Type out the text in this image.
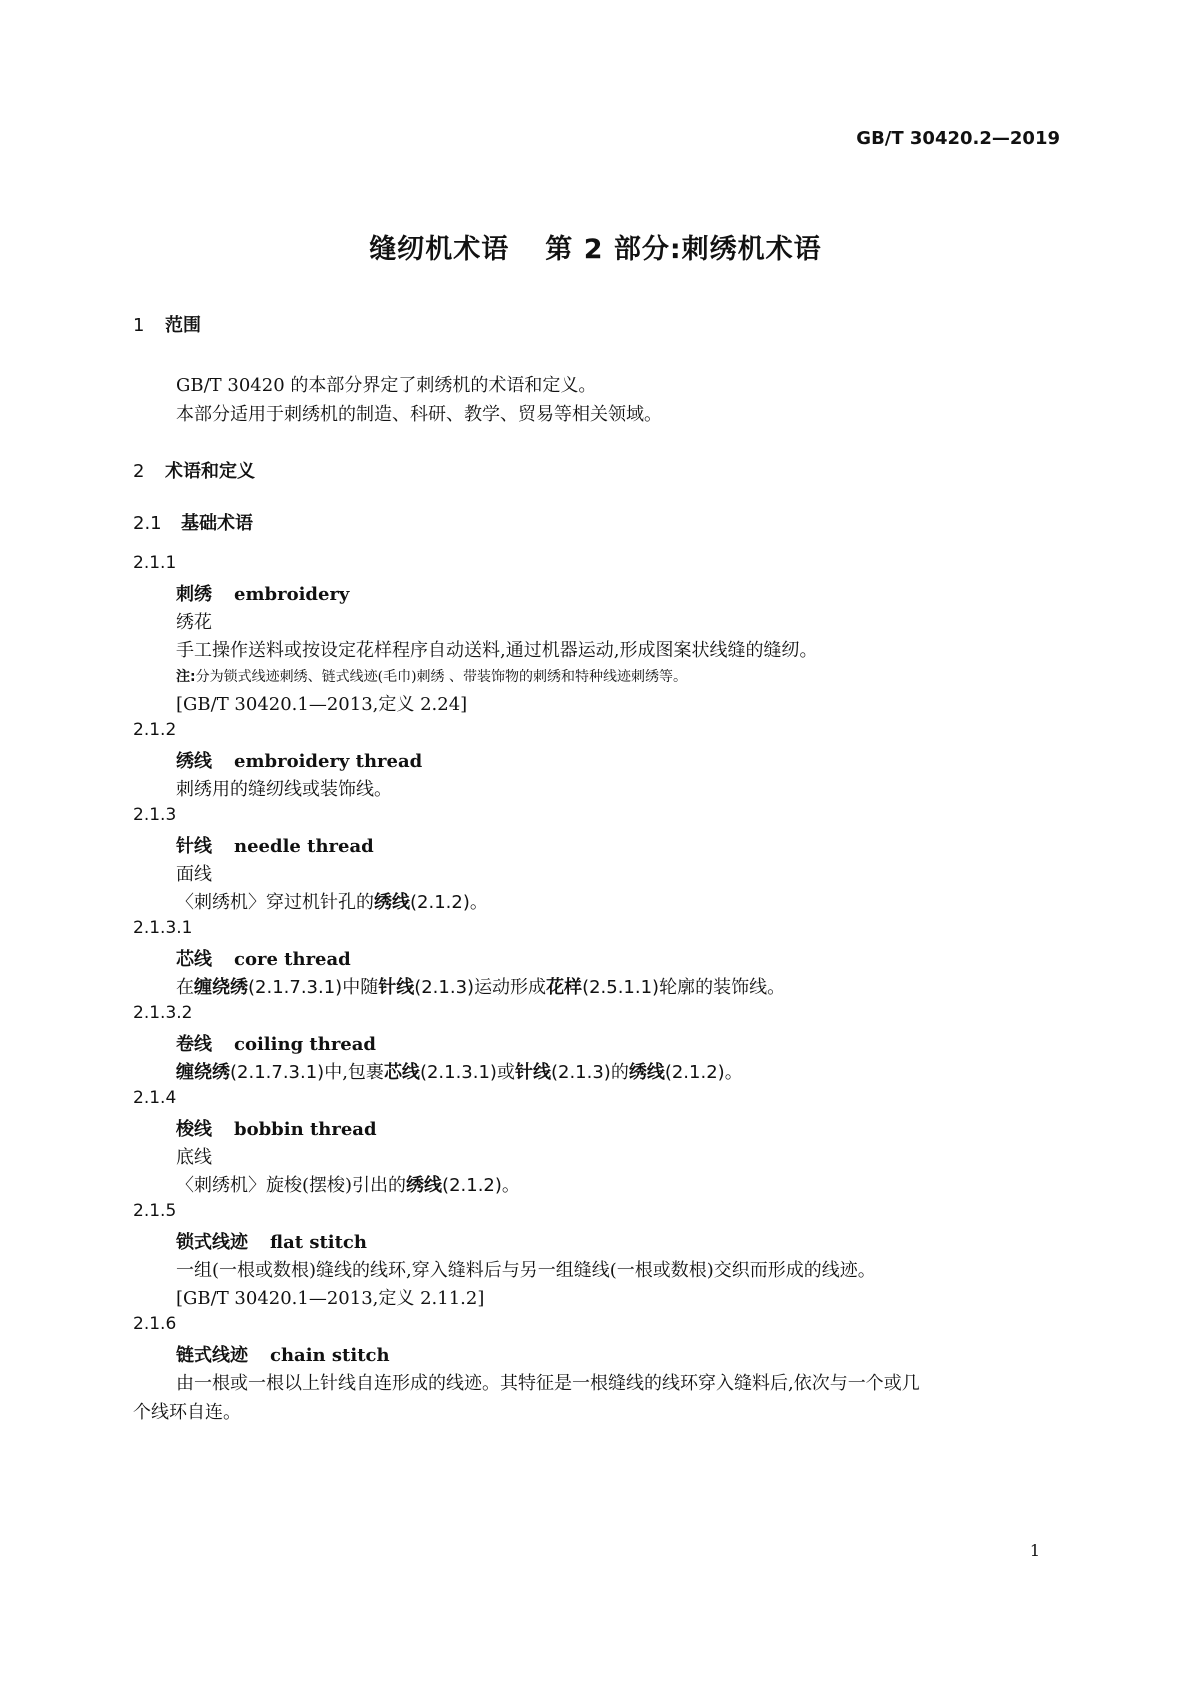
GB/T 30420.2—2019
缝纫机术语 第 2 部分:刺绣机术语
1 范围
GB/T 30420 的本部分界定了刺绣机的术语和定义。
本部分适用于刺绣机的制造、科研、教学、贸易等相关领域。
2 术语和定义
2.1 基础术语
2.1.1
刺绣 embroidery
绣花
手工操作送料或按设定花样程序自动送料,通过机器运动,形成图案状线缝的缝纫。
注:分为锁式线迹刺绣、链式线迹(毛巾)刺绣 、带装饰物的刺绣和特种线迹刺绣等。
[GB/T 30420.1—2013,定义 2.24]
2.1.2
绣线 embroidery thread
刺绣用的缝纫线或装饰线。
2.1.3
针线 needle thread
面线
〈刺绣机〉穿过机针孔的绣线(2.1.2)。
2.1.3.1
芯线 core thread
在缠绕绣(2.1.7.3.1)中随针线(2.1.3)运动形成花样(2.5.1.1)轮廓的装饰线。
2.1.3.2
卷线 coiling thread
缠绕绣(2.1.7.3.1)中,包裹芯线(2.1.3.1)或针线(2.1.3)的绣线(2.1.2)。
2.1.4
梭线 bobbin thread
底线
〈刺绣机〉旋梭(摆梭)引出的绣线(2.1.2)。
2.1.5
锁式线迹 flat stitch
一组(一根或数根)缝线的线环,穿入缝料后与另一组缝线(一根或数根)交织而形成的线迹。
[GB/T 30420.1—2013,定义 2.11.2]
2.1.6
链式线迹 chain stitch
由一根或一根以上针线自连形成的线迹。其特征是一根缝线的线环穿入缝料后,依次与一个或几
个线环自连。
1
